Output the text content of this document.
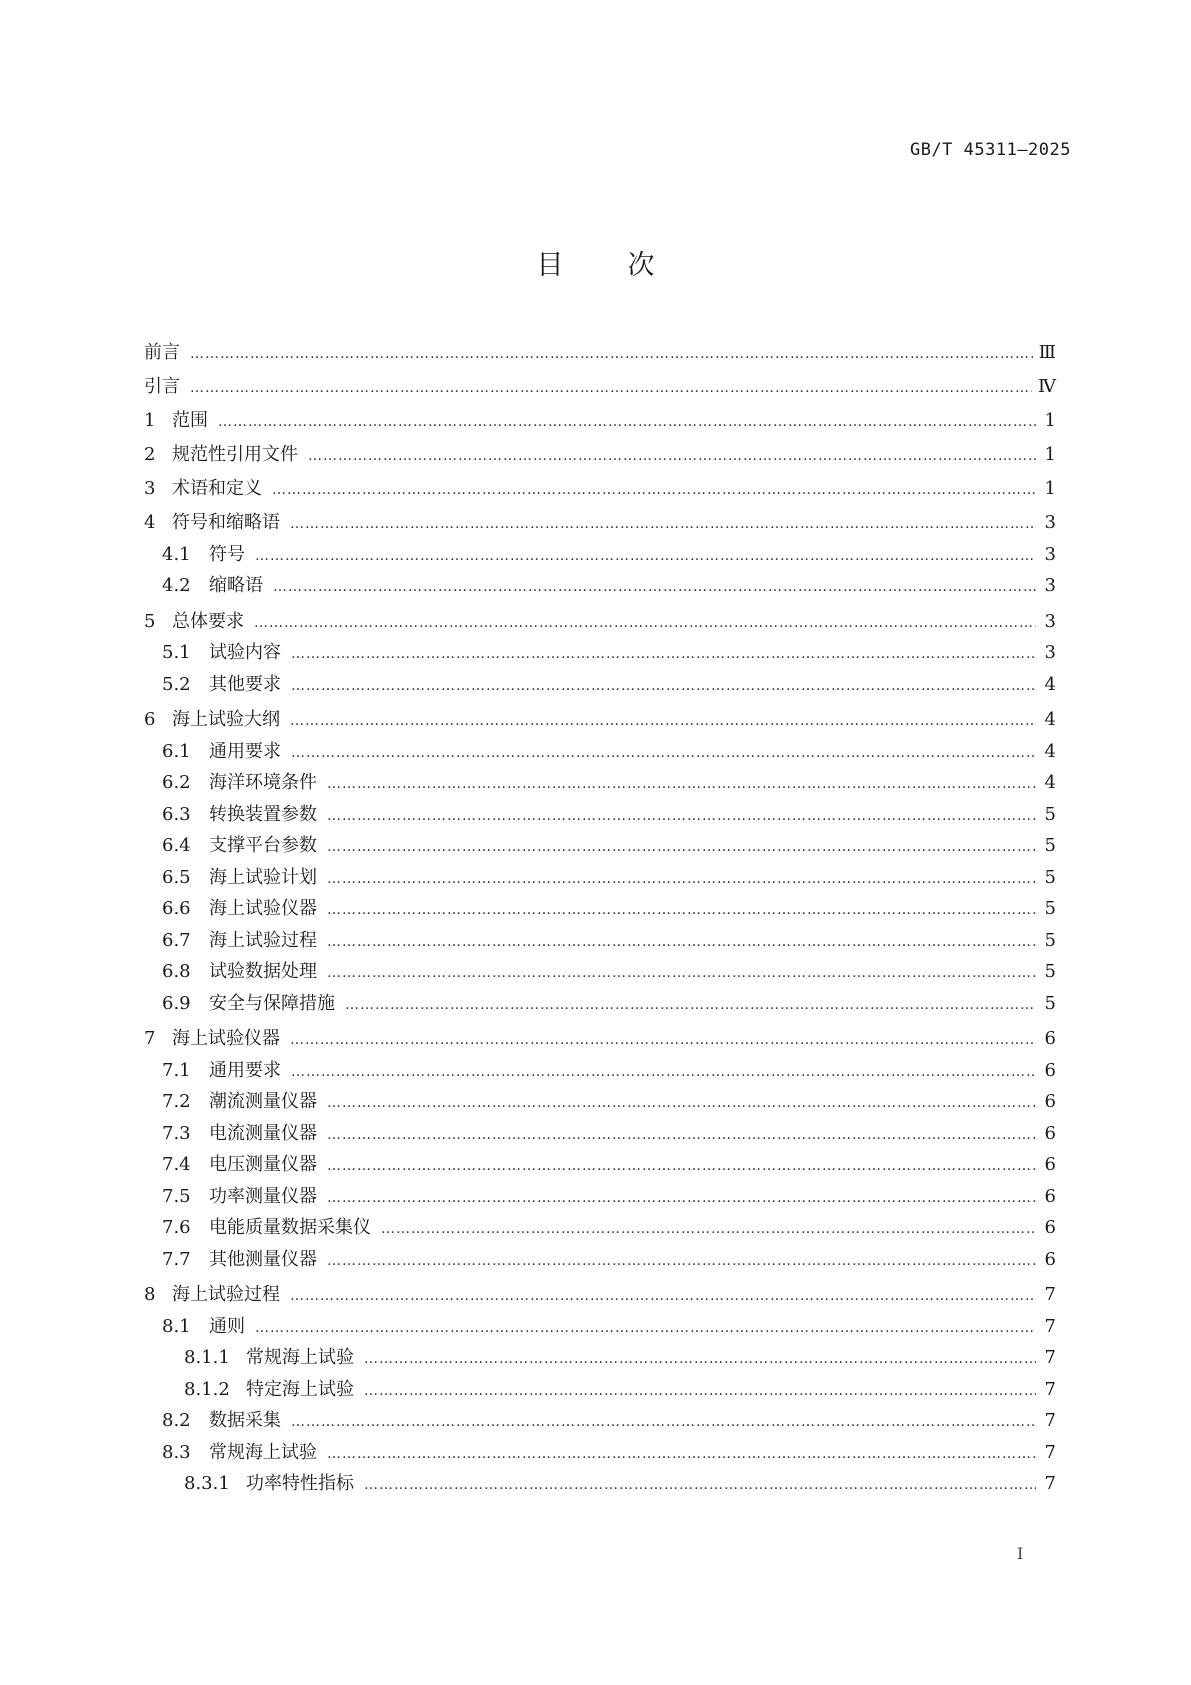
GB/T 45311—2025
目 次
前言 …………………………………………………………………………………………………………………………………………………………………………	Ⅲ
引言 …………………………………………………………………………………………………………………………………………………………………………	Ⅳ
1 范围 …………………………………………………………………………………………………………………………………………………………………………	1
2 规范性引用文件 …………………………………………………………………………………………………………………………………………………………………………	1
3 术语和定义 …………………………………………………………………………………………………………………………………………………………………………	1
4 符号和缩略语 …………………………………………………………………………………………………………………………………………………………………………	3
4.1	符号 …………………………………………………………………………………………………………………………………………………………………………	3
4.2	缩略语 …………………………………………………………………………………………………………………………………………………………………………	3
5 总体要求 …………………………………………………………………………………………………………………………………………………………………………	3
5.1	试验内容 …………………………………………………………………………………………………………………………………………………………………………	3
5.2	其他要求 …………………………………………………………………………………………………………………………………………………………………………	4
6 海上试验大纲 …………………………………………………………………………………………………………………………………………………………………………	4
6.1	通用要求 …………………………………………………………………………………………………………………………………………………………………………	4
6.2	海洋环境条件 …………………………………………………………………………………………………………………………………………………………………………	4
6.3	转换装置参数 …………………………………………………………………………………………………………………………………………………………………………	5
6.4	支撑平台参数 …………………………………………………………………………………………………………………………………………………………………………	5
6.5	海上试验计划 …………………………………………………………………………………………………………………………………………………………………………	5
6.6	海上试验仪器 …………………………………………………………………………………………………………………………………………………………………………	5
6.7	海上试验过程 …………………………………………………………………………………………………………………………………………………………………………	5
6.8	试验数据处理 …………………………………………………………………………………………………………………………………………………………………………	5
6.9	安全与保障措施 …………………………………………………………………………………………………………………………………………………………………………	5
7 海上试验仪器 …………………………………………………………………………………………………………………………………………………………………………	6
7.1	通用要求 …………………………………………………………………………………………………………………………………………………………………………	6
7.2	潮流测量仪器 …………………………………………………………………………………………………………………………………………………………………………	6
7.3	电流测量仪器 …………………………………………………………………………………………………………………………………………………………………………	6
7.4	电压测量仪器 …………………………………………………………………………………………………………………………………………………………………………	6
7.5	功率测量仪器 …………………………………………………………………………………………………………………………………………………………………………	6
7.6	电能质量数据采集仪 …………………………………………………………………………………………………………………………………………………………………………	6
7.7	其他测量仪器 …………………………………………………………………………………………………………………………………………………………………………	6
8 海上试验过程 …………………………………………………………………………………………………………………………………………………………………………	7
8.1	通则 …………………………………………………………………………………………………………………………………………………………………………	7
8.1.1 常规海上试验 …………………………………………………………………………………………………………………………………………………………………………	7
8.1.2 特定海上试验 …………………………………………………………………………………………………………………………………………………………………………	7
8.2	数据采集 …………………………………………………………………………………………………………………………………………………………………………	7
8.3	常规海上试验 …………………………………………………………………………………………………………………………………………………………………………	7
8.3.1 功率特性指标 …………………………………………………………………………………………………………………………………………………………………………	7
Ⅰ
